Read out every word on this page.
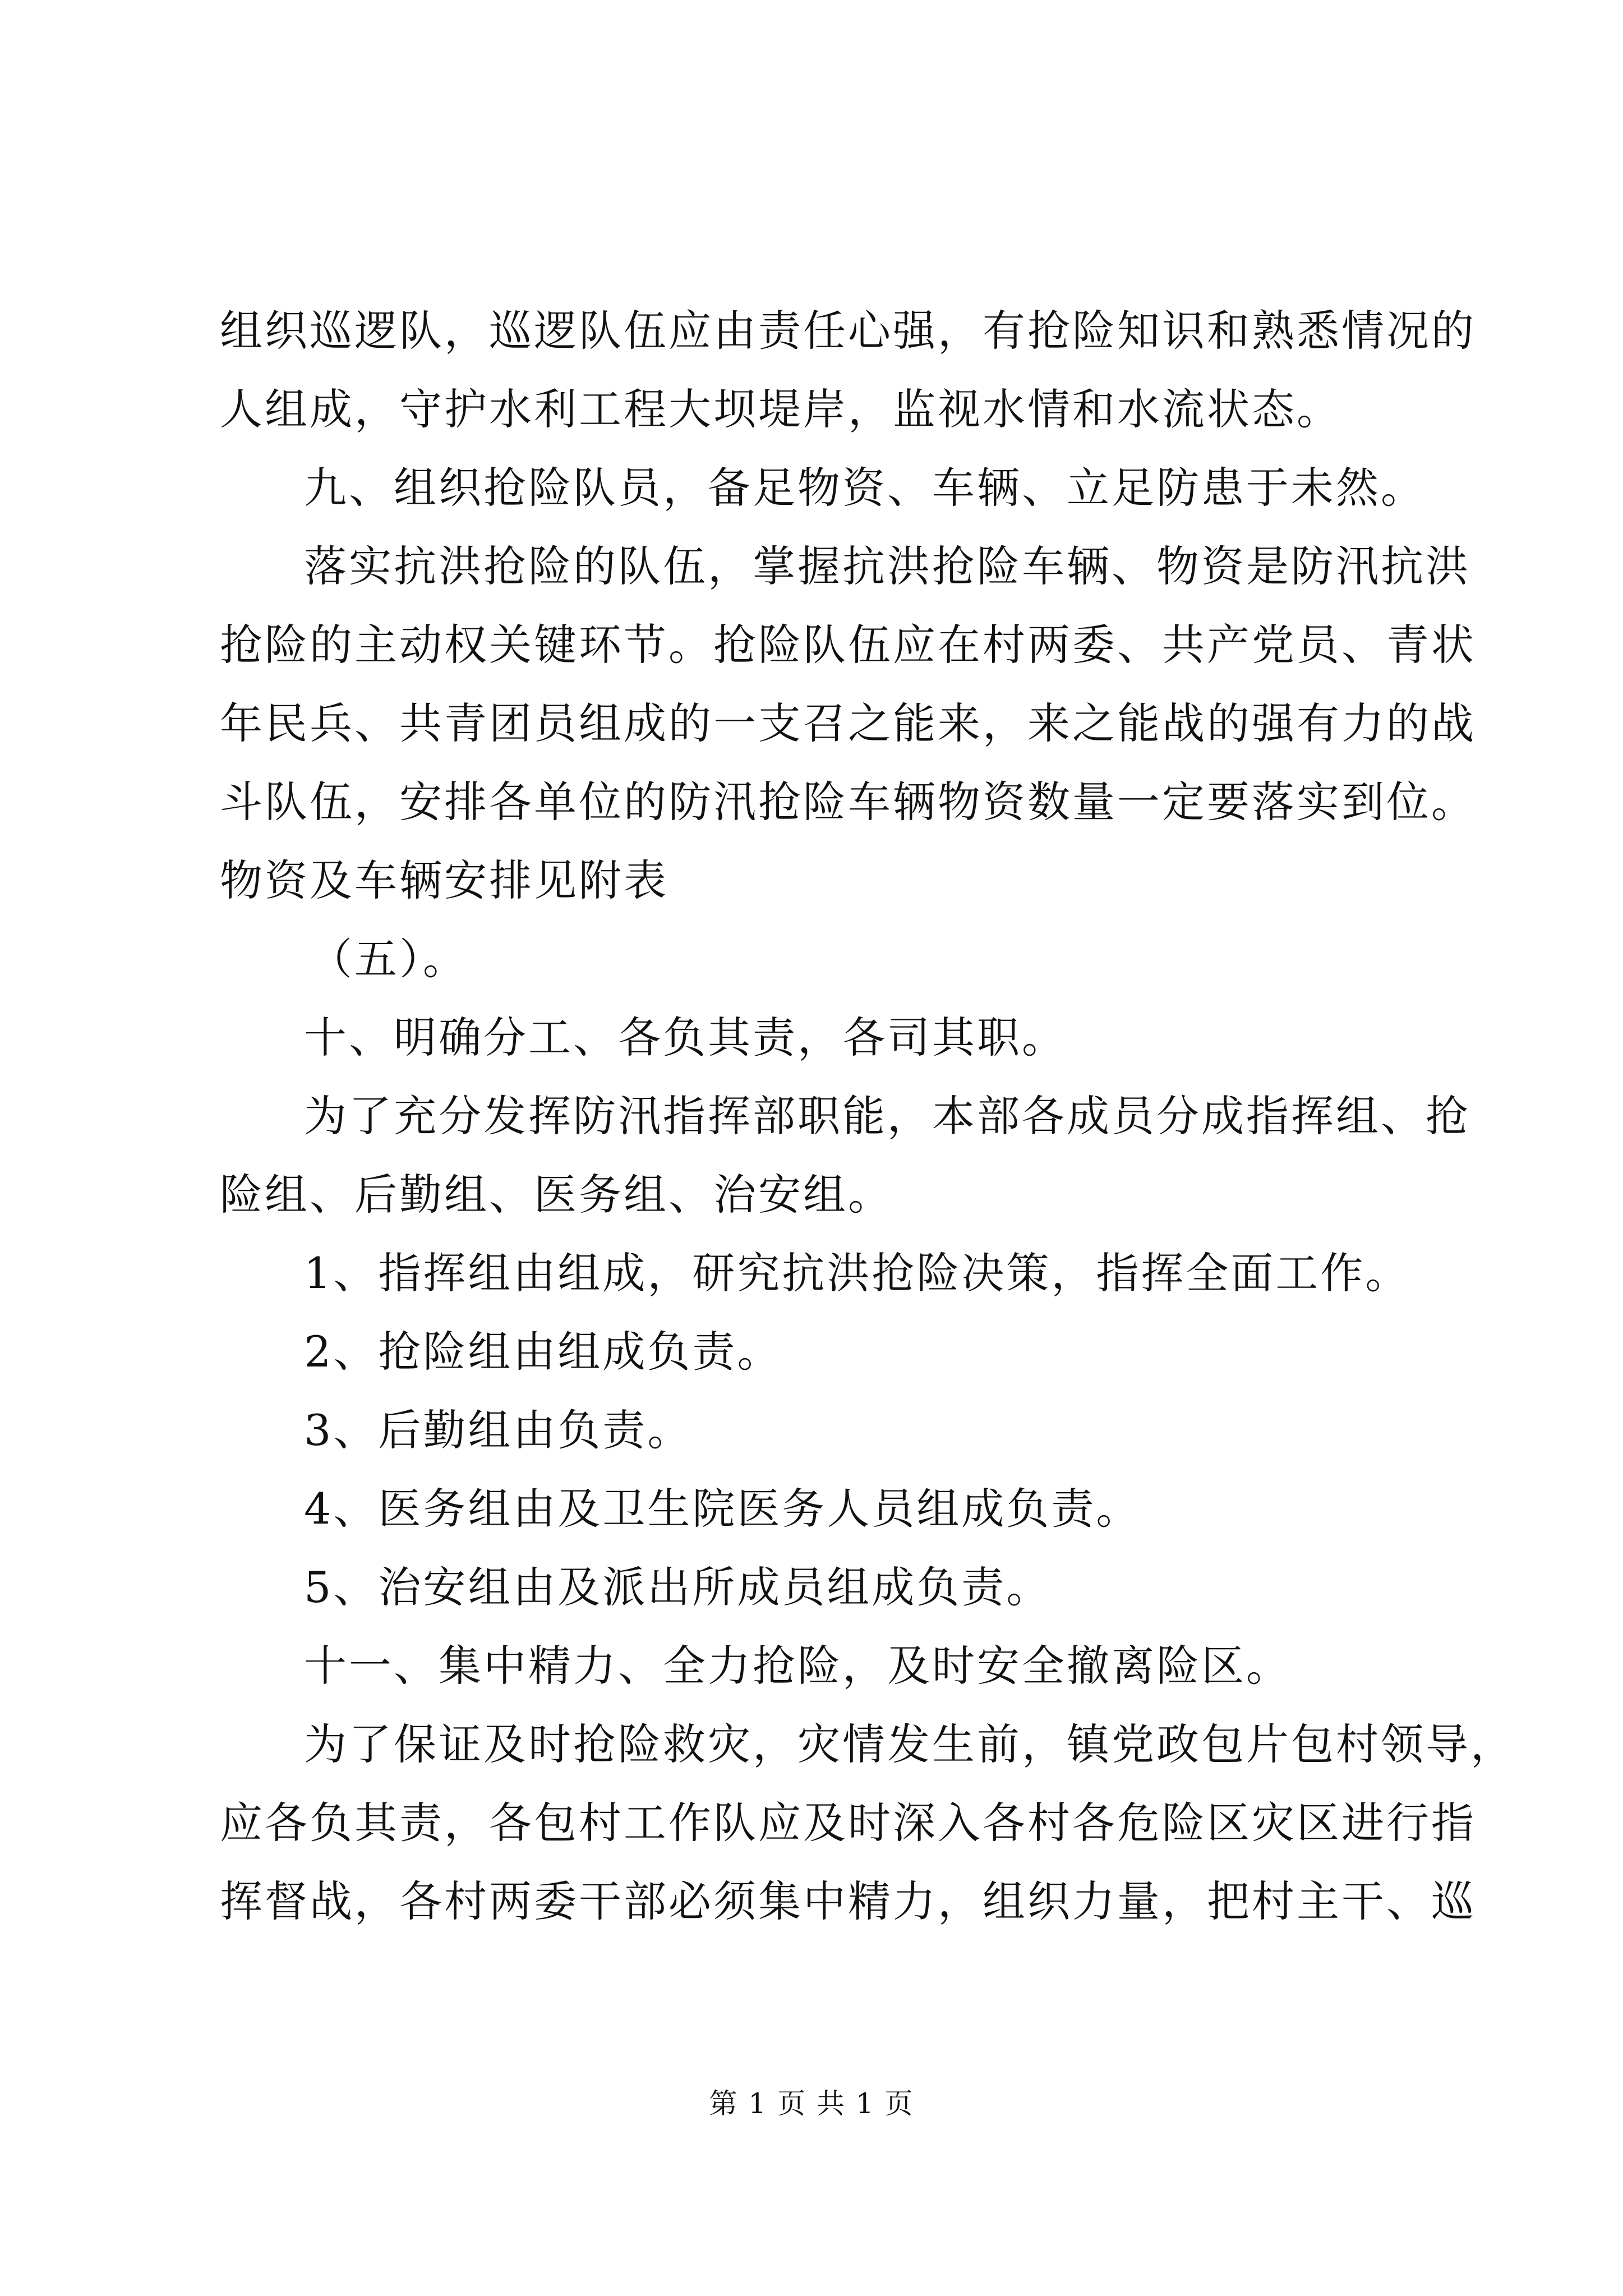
组织巡逻队，巡逻队伍应由责任心强，有抢险知识和熟悉情况的
人组成，守护水利工程大坝堤岸，监视水情和水流状态。
九、组织抢险队员，备足物资、车辆、立足防患于未然。
落实抗洪抢险的队伍，掌握抗洪抢险车辆、物资是防汛抗洪
抢险的主动权关键环节。抢险队伍应在村两委、共产党员、青状
年民兵、共青团员组成的一支召之能来，来之能战的强有力的战
斗队伍，安排各单位的防汛抢险车辆物资数量一定要落实到位。
物资及车辆安排见附表
（五）。
十、明确分工、各负其责，各司其职。
为了充分发挥防汛指挥部职能，本部各成员分成指挥组、抢
险组、后勤组、医务组、治安组。
1、指挥组由组成，研究抗洪抢险决策，指挥全面工作。
2、抢险组由组成负责。
3、后勤组由负责。
4、医务组由及卫生院医务人员组成负责。
5、治安组由及派出所成员组成负责。
十一、集中精力、全力抢险，及时安全撤离险区。
为了保证及时抢险救灾，灾情发生前，镇党政包片包村领导，
应各负其责，各包村工作队应及时深入各村各危险区灾区进行指
挥督战，各村两委干部必须集中精力，组织力量，把村主干、巡
第 1 页 共 1 页
